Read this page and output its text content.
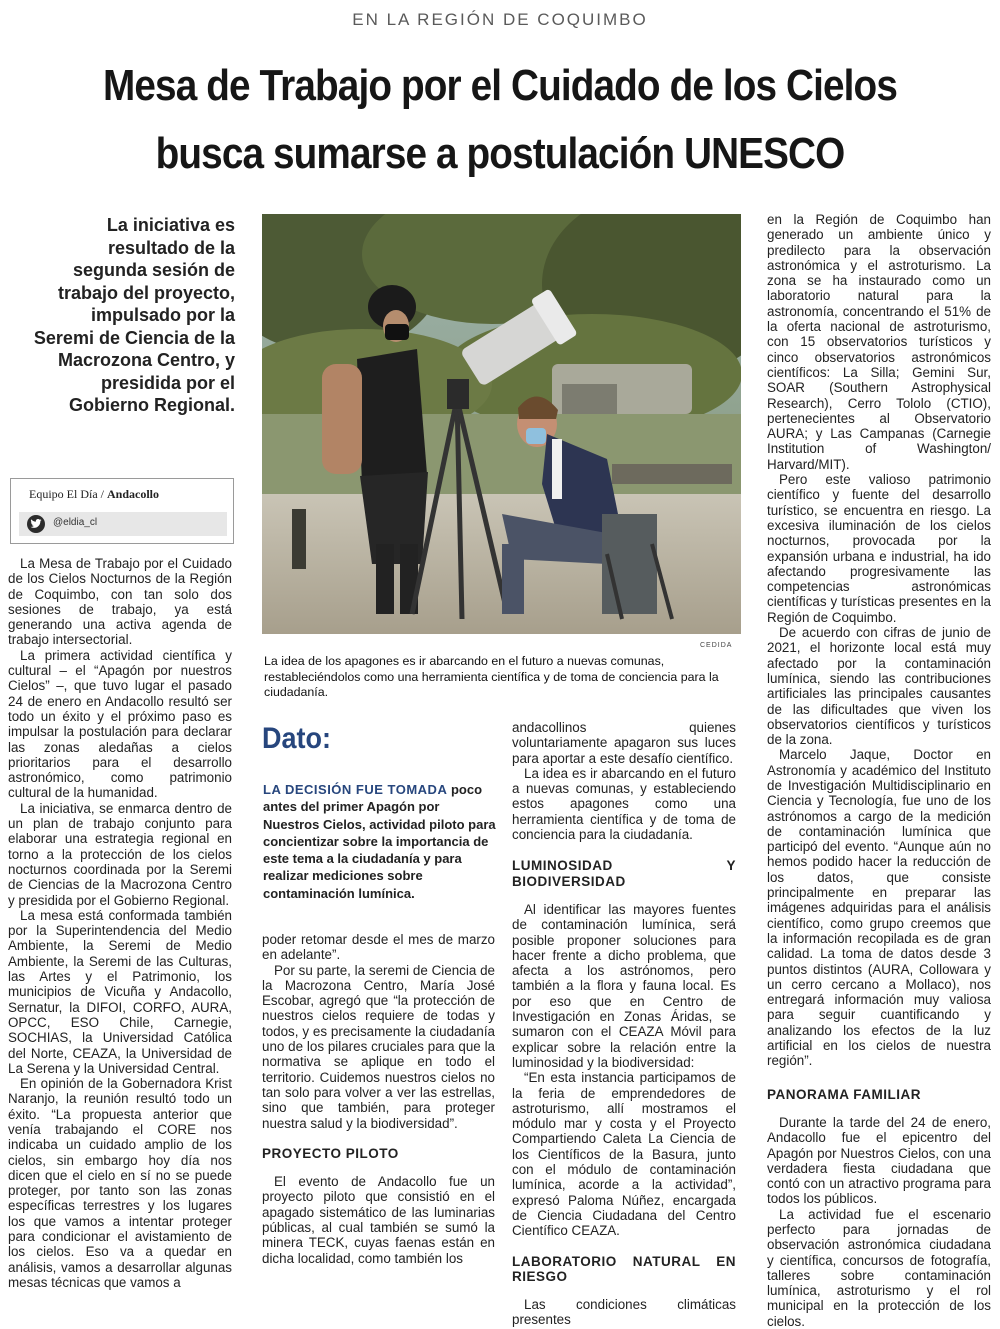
EN LA REGIÓN DE COQUIMBO
Mesa de Trabajo por el Cuidado de los Cielos busca sumarse a postulación UNESCO
La iniciativa es resultado de la segunda sesión de trabajo del proyecto, impulsado por la Seremi de Ciencia de la Macrozona Centro, y presidida por el Gobierno Regional.
Equipo El Día / Andacollo
@eldia_cl

La Mesa de Trabajo por el Cuidado de los Cielos Nocturnos de la Región de Coquimbo, con tan solo dos sesiones de trabajo, ya está generando una activa agenda de trabajo intersectorial.

La primera actividad científica y cultural – el “Apagón por nuestros Cielos” –, que tuvo lugar el pasado 24 de enero en Andacollo resultó ser todo un éxito y el próximo paso es impulsar la postulación para declarar las zonas aledañas a cielos prioritarios para el desarrollo astronómico, como patrimonio cultural de la humanidad.

La iniciativa, se enmarca dentro de un plan de trabajo conjunto para elaborar una estrategia regional en torno a la protección de los cielos nocturnos coordinada por la Seremi de Ciencias de la Macrozona Centro y presidida por el Gobierno Regional.

La mesa está conformada también por la Superintendencia del Medio Ambiente, la Seremi de Medio Ambiente, la Seremi de las Culturas, las Artes y el Patrimonio, los municipios de Vicuña y Andacollo, Sernatur, la DIFOI, CORFO, AURA, OPCC, ESO Chile, Carnegie, SOCHIAS, la Universidad Católica del Norte, CEAZA, la Universidad de La Serena y la Universidad Central.

En opinión de la Gobernadora Krist Naranjo, la reunión resultó todo un éxito. “La propuesta anterior que venía trabajando el CORE nos indicaba un cuidado amplio de los cielos, sin embargo hoy día nos dicen que el cielo en sí no se puede proteger, por tanto son las zonas específicas terrestres y los lugares los que vamos a intentar proteger para condicionar el avistamiento de los cielos. Eso va a quedar en análisis, vamos a desarrollar algunas mesas técnicas que vamos a

CEDIDA
La idea de los apagones es ir abarcando en el futuro a nuevas comunas, restableciéndolos como una herramienta científica y de toma de conciencia para la ciudadanía.
Dato:
LA DECISIÓN FUE TOMADA poco antes del primer Apagón por Nuestros Cielos, actividad piloto para concientizar sobre la importancia de este tema a la ciudadanía y para realizar mediciones sobre contaminación lumínica.

poder retomar desde el mes de marzo en adelante”.

Por su parte, la seremi de Ciencia de la Macrozona Centro, María José Escobar, agregó que “la protección de nuestros cielos requiere de todas y todos, y es precisamente la ciudadanía uno de los pilares cruciales para que la normativa se aplique en todo el territorio. Cuidemos nuestros cielos no tan solo para volver a ver las estrellas, sino que también, para proteger nuestra salud y la biodiversidad”.

PROYECTO PILOTO

El evento de Andacollo fue un proyecto piloto que consistió en el apagado sistemático de las luminarias públicas, al cual también se sumó la minera TECK, cuyas faenas están en dicha localidad, como también los

andacollinos quienes voluntariamente apagaron sus luces para aportar a este desafío científico.

La idea es ir abarcando en el futuro a nuevas comunas, y estableciendo estos apagones como una herramienta científica y de toma de conciencia para la ciudadanía.

LUMINOSIDAD Y BIODIVERSIDAD

Al identificar las mayores fuentes de contaminación lumínica, será posible proponer soluciones para hacer frente a dicho problema, que afecta a los astrónomos, pero también a la flora y fauna local. Es por eso que en Centro de Investigación en Zonas Áridas, se sumaron con el CEAZA Móvil para explicar sobre la relación entre la luminosidad y la biodiversidad:

“En esta instancia participamos de la feria de emprendedores de astroturismo, allí mostramos el módulo mar y costa y el Proyecto Compartiendo Caleta La Ciencia de los Científicos de la Basura, junto con el módulo de contaminación lumínica, acorde a la actividad”, expresó Paloma Núñez, encargada de Ciencia Ciudadana del Centro Científico CEAZA.

LABORATORIO NATURAL EN RIESGO

Las condiciones climáticas presentes

en la Región de Coquimbo han generado un ambiente único y predilecto para la observación astronómica y el astroturismo. La zona se ha instaurado como un laboratorio natural para la astronomía, concentrando el 51% de la oferta nacional de astroturismo, con 15 observatorios turísticos y cinco observatorios astronómicos científicos: La Silla; Gemini Sur, SOAR (Southern Astrophysical Research), Cerro Tololo (CTIO), pertenecientes al Observatorio AURA; y Las Campanas (Carnegie Institution of Washington/ Harvard/MIT).

Pero este valioso patrimonio científico y fuente del desarrollo turístico, se encuentra en riesgo. La excesiva iluminación de los cielos nocturnos, provocada por la expansión urbana e industrial, ha ido afectando progresivamente las competencias astronómicas científicas y turísticas presentes en la Región de Coquimbo.

De acuerdo con cifras de junio de 2021, el horizonte local está muy afectado por la contaminación lumínica, siendo las contribuciones artificiales las principales causantes de las dificultades que viven los observatorios científicos y turísticos de la zona.

Marcelo Jaque, Doctor en Astronomía y académico del Instituto de Investigación Multidisciplinario en Ciencia y Tecnología, fue uno de los astrónomos a cargo de la medición de contaminación lumínica que participó del evento. “Aunque aún no hemos podido hacer la reducción de los datos, que consiste principalmente en preparar las imágenes adquiridas para el análisis científico, como grupo creemos que la información recopilada es de gran calidad. La toma de datos desde 3 puntos distintos (AURA, Collowara y un cerro cercano a Mollaco), nos entregará información muy valiosa para seguir cuantificando y analizando los efectos de la luz artificial en los cielos de nuestra región”.

PANORAMA FAMILIAR

Durante la tarde del 24 de enero, Andacollo fue el epicentro del Apagón por Nuestros Cielos, con una verdadera fiesta ciudadana que contó con un atractivo programa para todos los públicos.

La actividad fue el escenario perfecto para jornadas de observación astronómica ciudadana y científica, concursos de fotografía, talleres sobre contaminación lumínica, astroturismo y el rol municipal en la protección de los cielos.
